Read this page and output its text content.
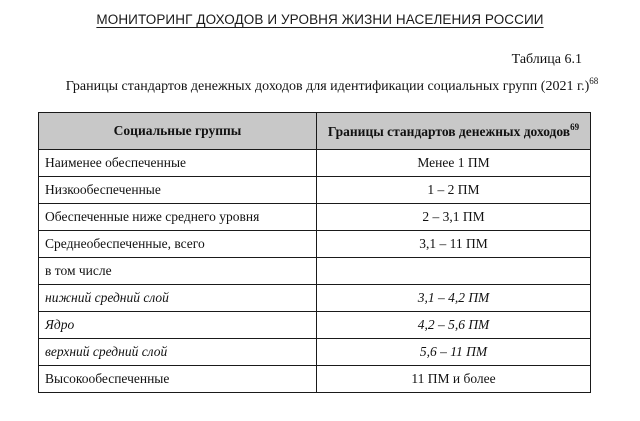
МОНИТОРИНГ ДОХОДОВ И УРОВНЯ ЖИЗНИ НАСЕЛЕНИЯ РОССИИ
Таблица 6.1
Границы стандартов денежных доходов для идентификации социальных групп (2021 г.)$^{68}$
Социальные группы	Границы стандартов денежных доходов$^{69}$
Наименее обеспеченные	Менее 1 ПМ
Низкообеспеченные	1 – 2 ПМ
Обеспеченные ниже среднего уровня	2 – 3,1 ПМ
Среднеобеспеченные, всего	3,1 – 11 ПМ
в том числе	
нижний средний слой	3,1 – 4,2 ПМ
Ядро	4,2 – 5,6 ПМ
верхний средний слой	5,6 – 11 ПМ
Высокообеспеченные	11 ПМ и более
